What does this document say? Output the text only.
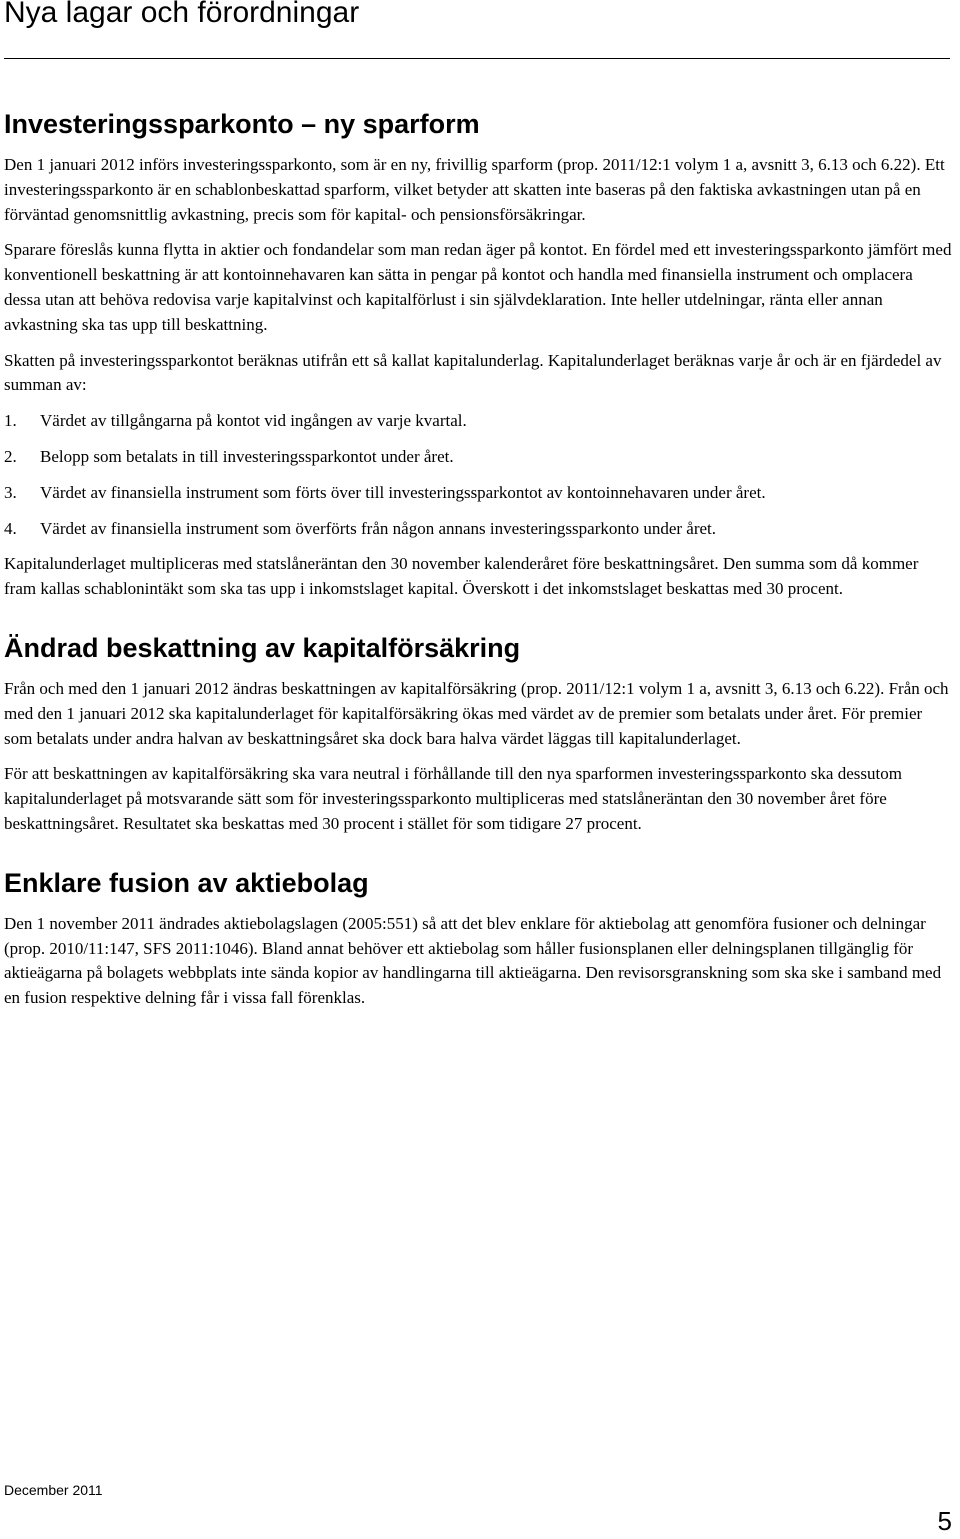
Nya lagar och förordningar
Investeringssparkonto – ny sparform

Den 1 januari 2012 införs investeringssparkonto, som är en ny, frivillig sparform (prop. 2011/12:1 volym 1 a, avsnitt 3, 6.13 och 6.22). Ett investeringssparkonto är en schablonbeskattad sparform, vilket betyder att skatten inte baseras på den faktiska avkastningen utan på en förväntad genomsnittlig avkastning, precis som för kapital- och pensionsförsäkringar.

Sparare föreslås kunna flytta in aktier och fondandelar som man redan äger på kontot. En fördel med ett investeringssparkonto jämfört med konventionell beskattning är att kontoinnehavaren kan sätta in pengar på kontot och handla med finansiella instrument och omplacera dessa utan att behöva redovisa varje kapitalvinst och kapitalförlust i sin självdeklaration. Inte heller utdelningar, ränta eller annan avkastning ska tas upp till beskattning.

Skatten på investeringssparkontot beräknas utifrån ett så kallat kapitalunderlag. Kapitalunderlaget beräknas varje år och är en fjärdedel av summan av:

1.	Värdet av tillgångarna på kontot vid ingången av varje kvartal.
2.	Belopp som betalats in till investeringssparkontot under året.
3.	Värdet av finansiella instrument som förts över till investeringssparkontot av kontoinnehavaren under året.
4.	Värdet av finansiella instrument som överförts från någon annans investeringssparkonto under året.

Kapitalunderlaget multipliceras med statslåneräntan den 30 november kalenderåret före beskattningsåret. Den summa som då kommer fram kallas schablonintäkt som ska tas upp i inkomstslaget kapital. Överskott i det inkomstslaget beskattas med 30 procent.

Ändrad beskattning av kapitalförsäkring

Från och med den 1 januari 2012 ändras beskattningen av kapitalförsäkring (prop. 2011/12:1 volym 1 a, avsnitt 3, 6.13 och 6.22). Från och med den 1 januari 2012 ska kapitalunderlaget för kapitalförsäkring ökas med värdet av de premier som betalats under året. För premier som betalats under andra halvan av beskattningsåret ska dock bara halva värdet läggas till kapitalunderlaget.

För att beskattningen av kapitalförsäkring ska vara neutral i förhållande till den nya sparformen investeringssparkonto ska dessutom kapitalunderlaget på motsvarande sätt som för investeringssparkonto multipliceras med statslåneräntan den 30 november året före beskattningsåret. Resultatet ska beskattas med 30 procent i stället för som tidigare 27 procent.

Enklare fusion av aktiebolag

Den 1 november 2011 ändrades aktiebolagslagen (2005:551) så att det blev enklare för aktiebolag att genomföra fusioner och delningar (prop. 2010/11:147, SFS 2011:1046). Bland annat behöver ett aktiebolag som håller fusionsplanen eller delningsplanen tillgänglig för aktieägarna på bolagets webbplats inte sända kopior av handlingarna till aktieägarna. Den revisorsgranskning som ska ske i samband med en fusion respektive delning får i vissa fall förenklas.

December 2011
5
